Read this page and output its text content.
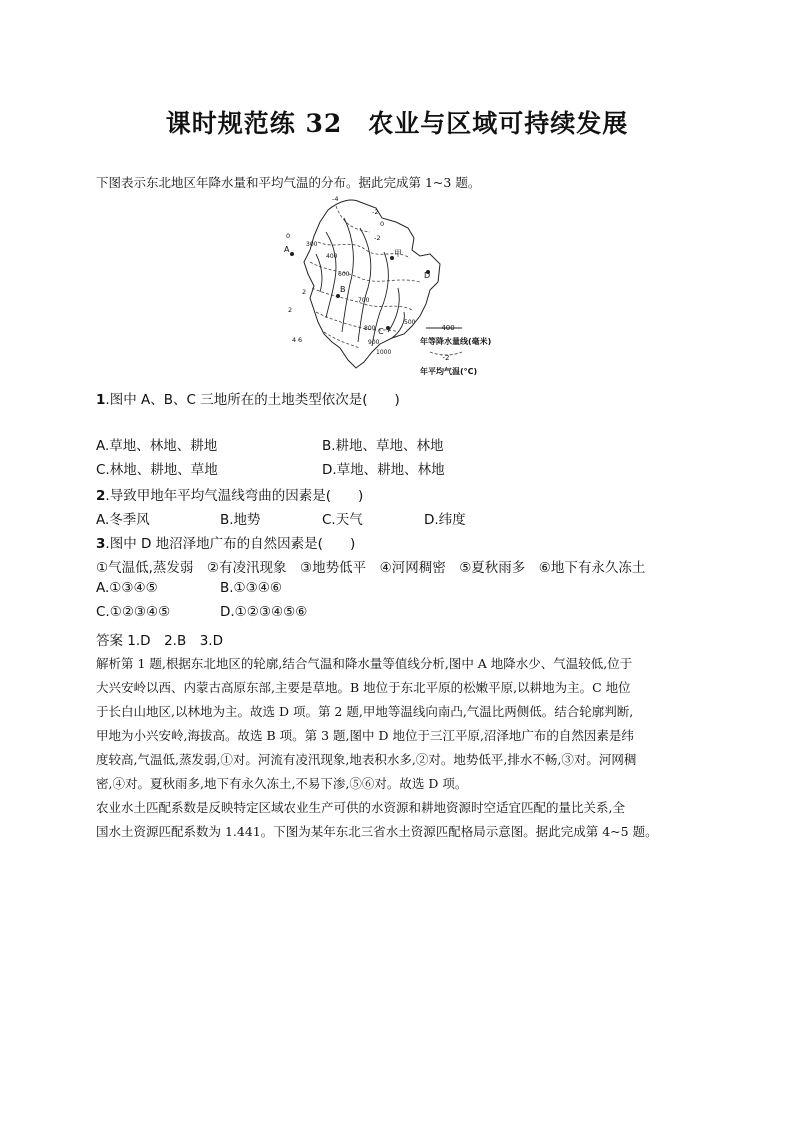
课时规范练 32　农业与区域可持续发展
下图表示东北地区年降水量和平均气温的分布。据此完成第 1~3 题。
A
B
C
D
甲
-4
-2
0
0
-2
2
2
4 6
300
400
500
600
700
800
900
1000
400
年等降水量线(毫米)
-2
年平均气温(°C)
1.图中 A、B、C 三地所在的土地类型依次是(　　)
A.草地、林地、耕地	B.耕地、草地、林地
C.林地、耕地、草地	D.草地、耕地、林地
2.导致甲地年平均气温线弯曲的因素是(　　)
A.冬季风	B.地势	C.天气	D.纬度
3.图中 D 地沼泽地广布的自然因素是(　　)
①气温低,蒸发弱　②有凌汛现象　③地势低平　④河网稠密　⑤夏秋雨多　⑥地下有永久冻土
A.①③④⑤	B.①③④⑥
C.①②③④⑤	D.①②③④⑤⑥
答案 1.D　2.B　3.D
解析第 1 题,根据东北地区的轮廓,结合气温和降水量等值线分析,图中 A 地降水少、气温较低,位于
大兴安岭以西、内蒙古高原东部,主要是草地。B 地位于东北平原的松嫩平原,以耕地为主。C 地位
于长白山地区,以林地为主。故选 D 项。第 2 题,甲地等温线向南凸,气温比两侧低。结合轮廓判断,
甲地为小兴安岭,海拔高。故选 B 项。第 3 题,图中 D 地位于三江平原,沼泽地广布的自然因素是纬
度较高,气温低,蒸发弱,①对。河流有凌汛现象,地表积水多,②对。地势低平,排水不畅,③对。河网稠
密,④对。夏秋雨多,地下有永久冻土,不易下渗,⑤⑥对。故选 D 项。
农业水土匹配系数是反映特定区域农业生产可供的水资源和耕地资源时空适宜匹配的量比关系,全
国水土资源匹配系数为 1.441。下图为某年东北三省水土资源匹配格局示意图。据此完成第 4~5 题。
